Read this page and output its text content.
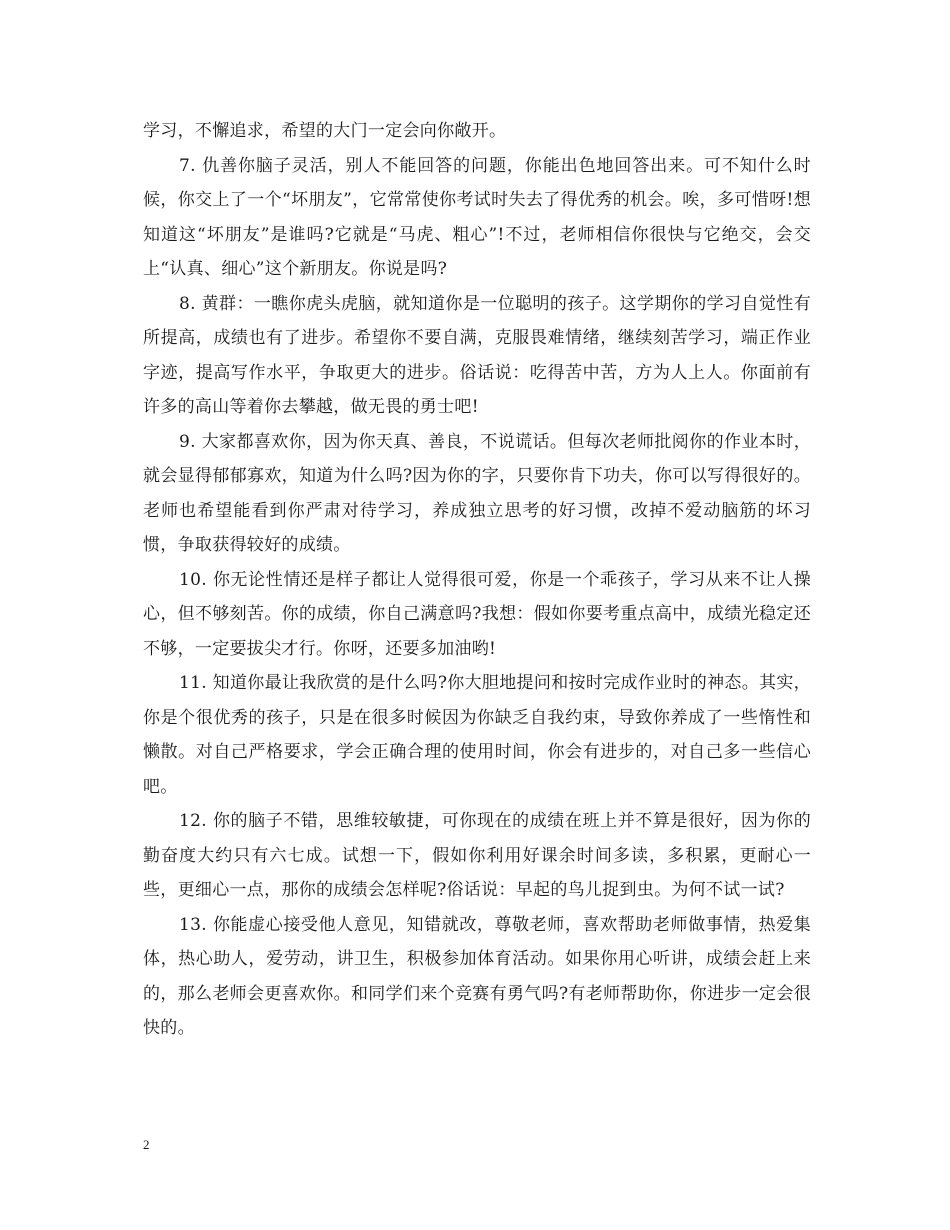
学习，不懈追求，希望的大门一定会向你敞开。

7. 仇善你脑子灵活，别人不能回答的问题，你能出色地回答出来。可不知什么时候，你交上了一个“坏朋友”，它常常使你考试时失去了得优秀的机会。唉，多可惜呀!想知道这“坏朋友”是谁吗?它就是“马虎、粗心”!不过，老师相信你很快与它绝交，会交上“认真、细心”这个新朋友。你说是吗?

8. 黄群：一瞧你虎头虎脑，就知道你是一位聪明的孩子。这学期你的学习自觉性有所提高，成绩也有了进步。希望你不要自满，克服畏难情绪，继续刻苦学习，端正作业字迹，提高写作水平，争取更大的进步。俗话说：吃得苦中苦，方为人上人。你面前有许多的高山等着你去攀越，做无畏的勇士吧!

9. 大家都喜欢你，因为你天真、善良，不说谎话。但每次老师批阅你的作业本时，就会显得郁郁寡欢，知道为什么吗?因为你的字，只要你肯下功夫，你可以写得很好的。老师也希望能看到你严肃对待学习，养成独立思考的好习惯，改掉不爱动脑筋的坏习惯，争取获得较好的成绩。

10. 你无论性情还是样子都让人觉得很可爱，你是一个乖孩子，学习从来不让人操心，但不够刻苦。你的成绩，你自己满意吗?我想：假如你要考重点高中，成绩光稳定还不够，一定要拔尖才行。你呀，还要多加油哟!

11. 知道你最让我欣赏的是什么吗?你大胆地提问和按时完成作业时的神态。其实，你是个很优秀的孩子，只是在很多时候因为你缺乏自我约束，导致你养成了一些惰性和懒散。对自己严格要求，学会正确合理的使用时间，你会有进步的，对自己多一些信心吧。

12. 你的脑子不错，思维较敏捷，可你现在的成绩在班上并不算是很好，因为你的勤奋度大约只有六七成。试想一下，假如你利用好课余时间多读，多积累，更耐心一些，更细心一点，那你的成绩会怎样呢?俗话说：早起的鸟儿捉到虫。为何不试一试?

13. 你能虚心接受他人意见，知错就改，尊敬老师，喜欢帮助老师做事情，热爱集体，热心助人，爱劳动，讲卫生，积极参加体育活动。如果你用心听讲，成绩会赶上来的，那么老师会更喜欢你。和同学们来个竞赛有勇气吗?有老师帮助你，你进步一定会很快的。

2
